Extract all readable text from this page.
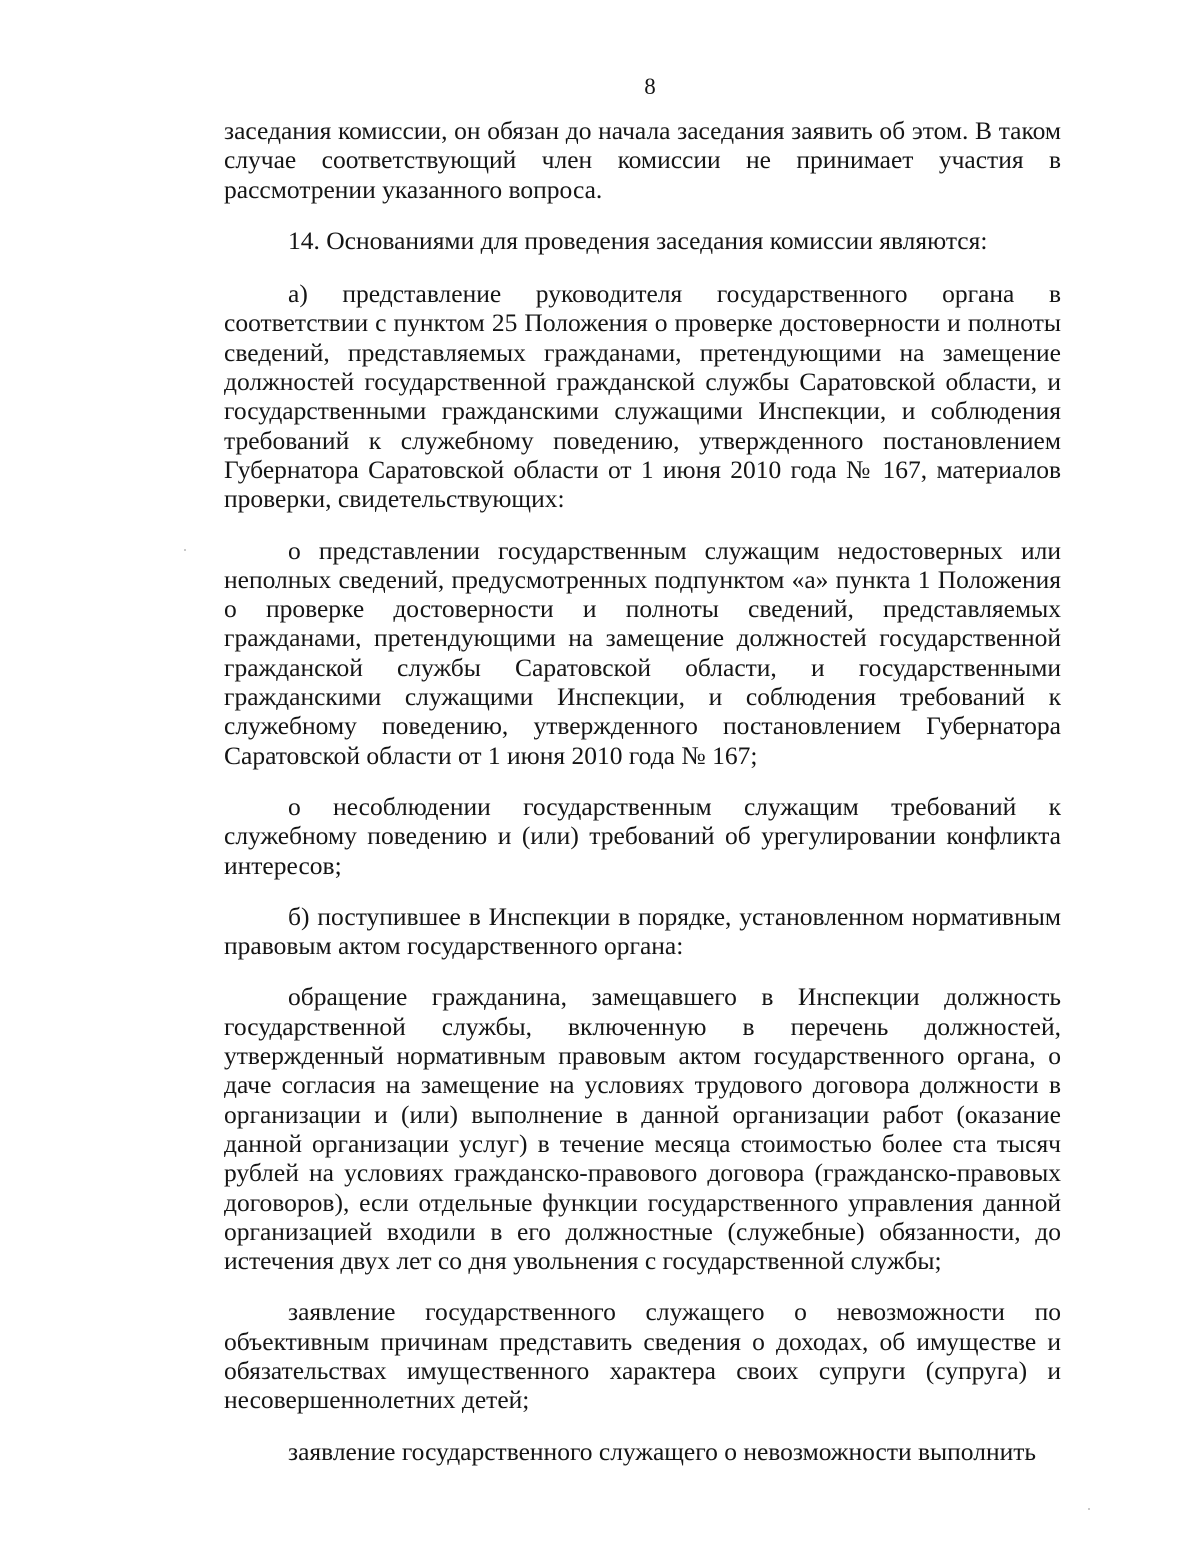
8

заседания комиссии, он обязан до начала заседания заявить об этом. В таком случае соответствующий член комиссии не принимает участия в рассмотрении указанного вопроса.

14. Основаниями для проведения заседания комиссии являются:

а) представление руководителя государственного органа в соответствии с пунктом 25 Положения о проверке достоверности и полноты сведений, представляемых гражданами, претендующими на замещение должностей государственной гражданской службы Саратовской области, и государственными гражданскими служащими Инспекции, и соблюдения требований к служебному поведению, утвержденного постановлением Губернатора Саратовской области от 1 июня 2010 года № 167, материалов проверки, свидетельствующих:

о представлении государственным служащим недостоверных или неполных сведений, предусмотренных подпунктом «а» пункта 1 Положения о проверке достоверности и полноты сведений, представляемых гражданами, претендующими на замещение должностей государственной гражданской службы Саратовской области, и государственными гражданскими служащими Инспекции, и соблюдения требований к служебному поведению, утвержденного постановлением Губернатора Саратовской области от 1 июня 2010 года № 167;

о несоблюдении государственным служащим требований к служебному поведению и (или) требований об урегулировании конфликта интересов;

б) поступившее в Инспекции в порядке, установленном нормативным правовым актом государственного органа:

обращение гражданина, замещавшего в Инспекции должность государственной службы, включенную в перечень должностей, утвержденный нормативным правовым актом государственного органа, о даче согласия на замещение на условиях трудового договора должности в организации и (или) выполнение в данной организации работ (оказание данной организации услуг) в течение месяца стоимостью более ста тысяч рублей на условиях гражданско-правового договора (гражданско-правовых договоров), если отдельные функции государственного управления данной организацией входили в его должностные (служебные) обязанности, до истечения двух лет со дня увольнения с государственной службы;

заявление государственного служащего о невозможности по объективным причинам представить сведения о доходах, об имуществе и обязательствах имущественного характера своих супруги (супруга) и несовершеннолетних детей;

заявление государственного служащего о невозможности выполнить
